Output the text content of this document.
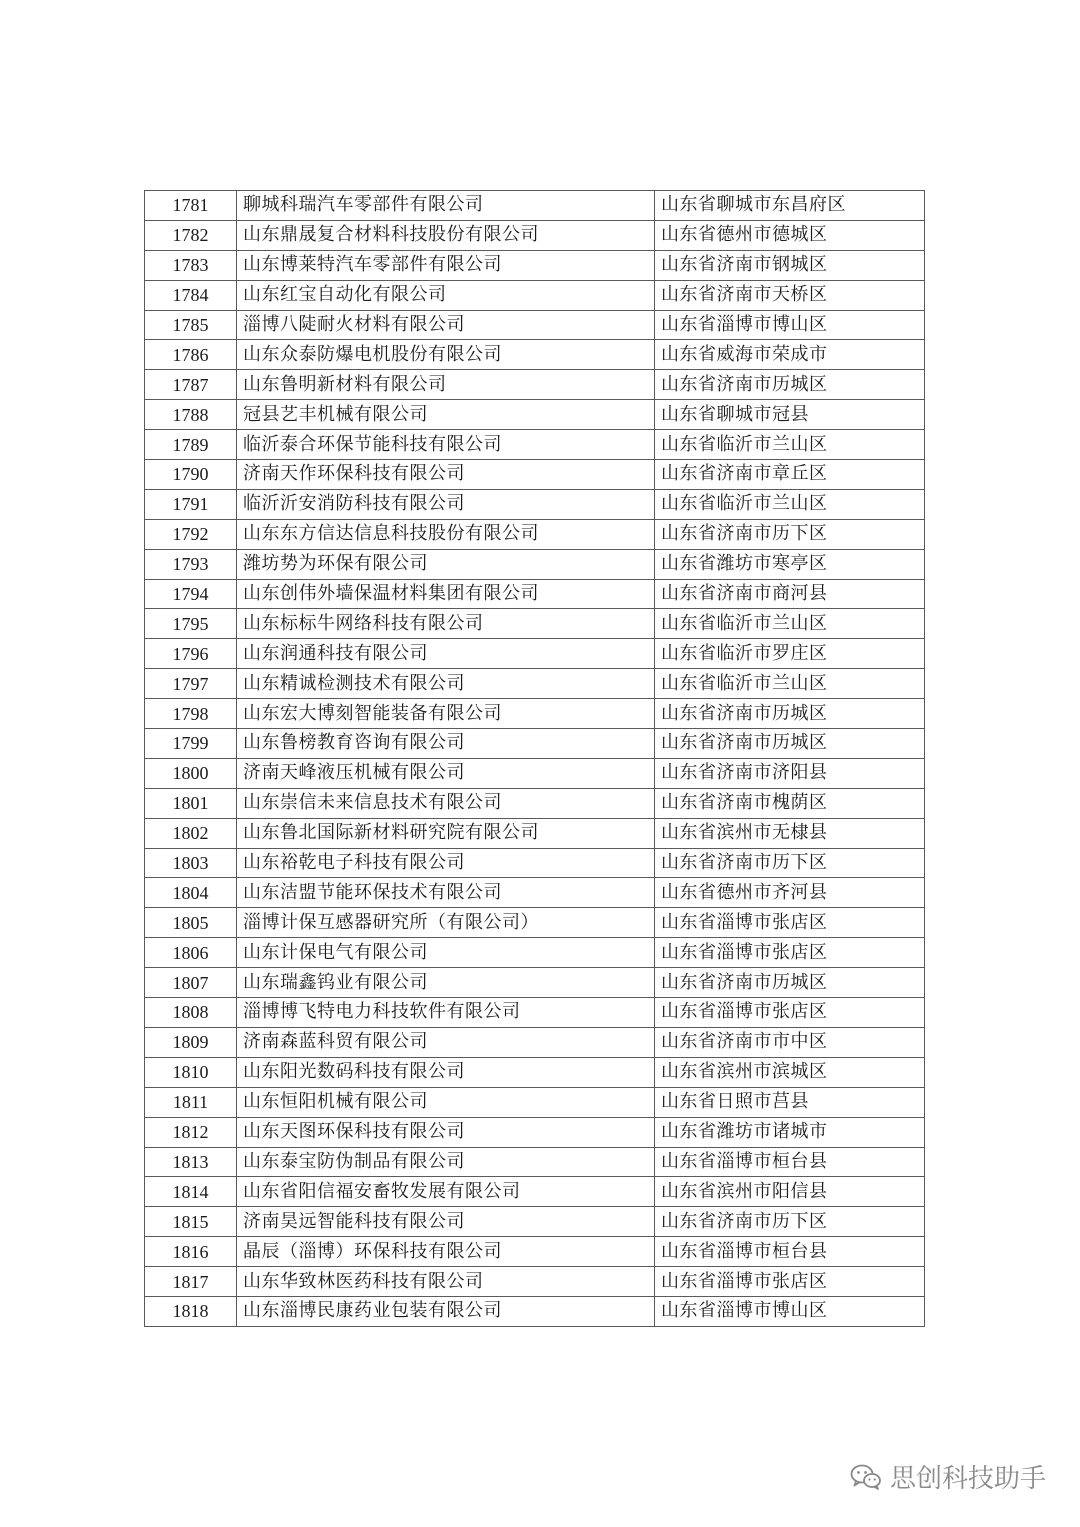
1781	聊城科瑞汽车零部件有限公司	山东省聊城市东昌府区
1782	山东鼎晟复合材料科技股份有限公司	山东省德州市德城区
1783	山东博莱特汽车零部件有限公司	山东省济南市钢城区
1784	山东红宝自动化有限公司	山东省济南市天桥区
1785	淄博八陡耐火材料有限公司	山东省淄博市博山区
1786	山东众泰防爆电机股份有限公司	山东省威海市荣成市
1787	山东鲁明新材料有限公司	山东省济南市历城区
1788	冠县艺丰机械有限公司	山东省聊城市冠县
1789	临沂泰合环保节能科技有限公司	山东省临沂市兰山区
1790	济南天作环保科技有限公司	山东省济南市章丘区
1791	临沂沂安消防科技有限公司	山东省临沂市兰山区
1792	山东东方信达信息科技股份有限公司	山东省济南市历下区
1793	潍坊势为环保有限公司	山东省潍坊市寒亭区
1794	山东创伟外墙保温材料集团有限公司	山东省济南市商河县
1795	山东标标牛网络科技有限公司	山东省临沂市兰山区
1796	山东润通科技有限公司	山东省临沂市罗庄区
1797	山东精诚检测技术有限公司	山东省临沂市兰山区
1798	山东宏大博刻智能装备有限公司	山东省济南市历城区
1799	山东鲁榜教育咨询有限公司	山东省济南市历城区
1800	济南天峰液压机械有限公司	山东省济南市济阳县
1801	山东崇信未来信息技术有限公司	山东省济南市槐荫区
1802	山东鲁北国际新材料研究院有限公司	山东省滨州市无棣县
1803	山东裕乾电子科技有限公司	山东省济南市历下区
1804	山东洁盟节能环保技术有限公司	山东省德州市齐河县
1805	淄博计保互感器研究所（有限公司）	山东省淄博市张店区
1806	山东计保电气有限公司	山东省淄博市张店区
1807	山东瑞鑫钨业有限公司	山东省济南市历城区
1808	淄博博飞特电力科技软件有限公司	山东省淄博市张店区
1809	济南森蓝科贸有限公司	山东省济南市市中区
1810	山东阳光数码科技有限公司	山东省滨州市滨城区
1811	山东恒阳机械有限公司	山东省日照市莒县
1812	山东天图环保科技有限公司	山东省潍坊市诸城市
1813	山东泰宝防伪制品有限公司	山东省淄博市桓台县
1814	山东省阳信福安畜牧发展有限公司	山东省滨州市阳信县
1815	济南昊远智能科技有限公司	山东省济南市历下区
1816	晶辰（淄博）环保科技有限公司	山东省淄博市桓台县
1817	山东华致林医药科技有限公司	山东省淄博市张店区
1818	山东淄博民康药业包装有限公司	山东省淄博市博山区
思创科技助手
